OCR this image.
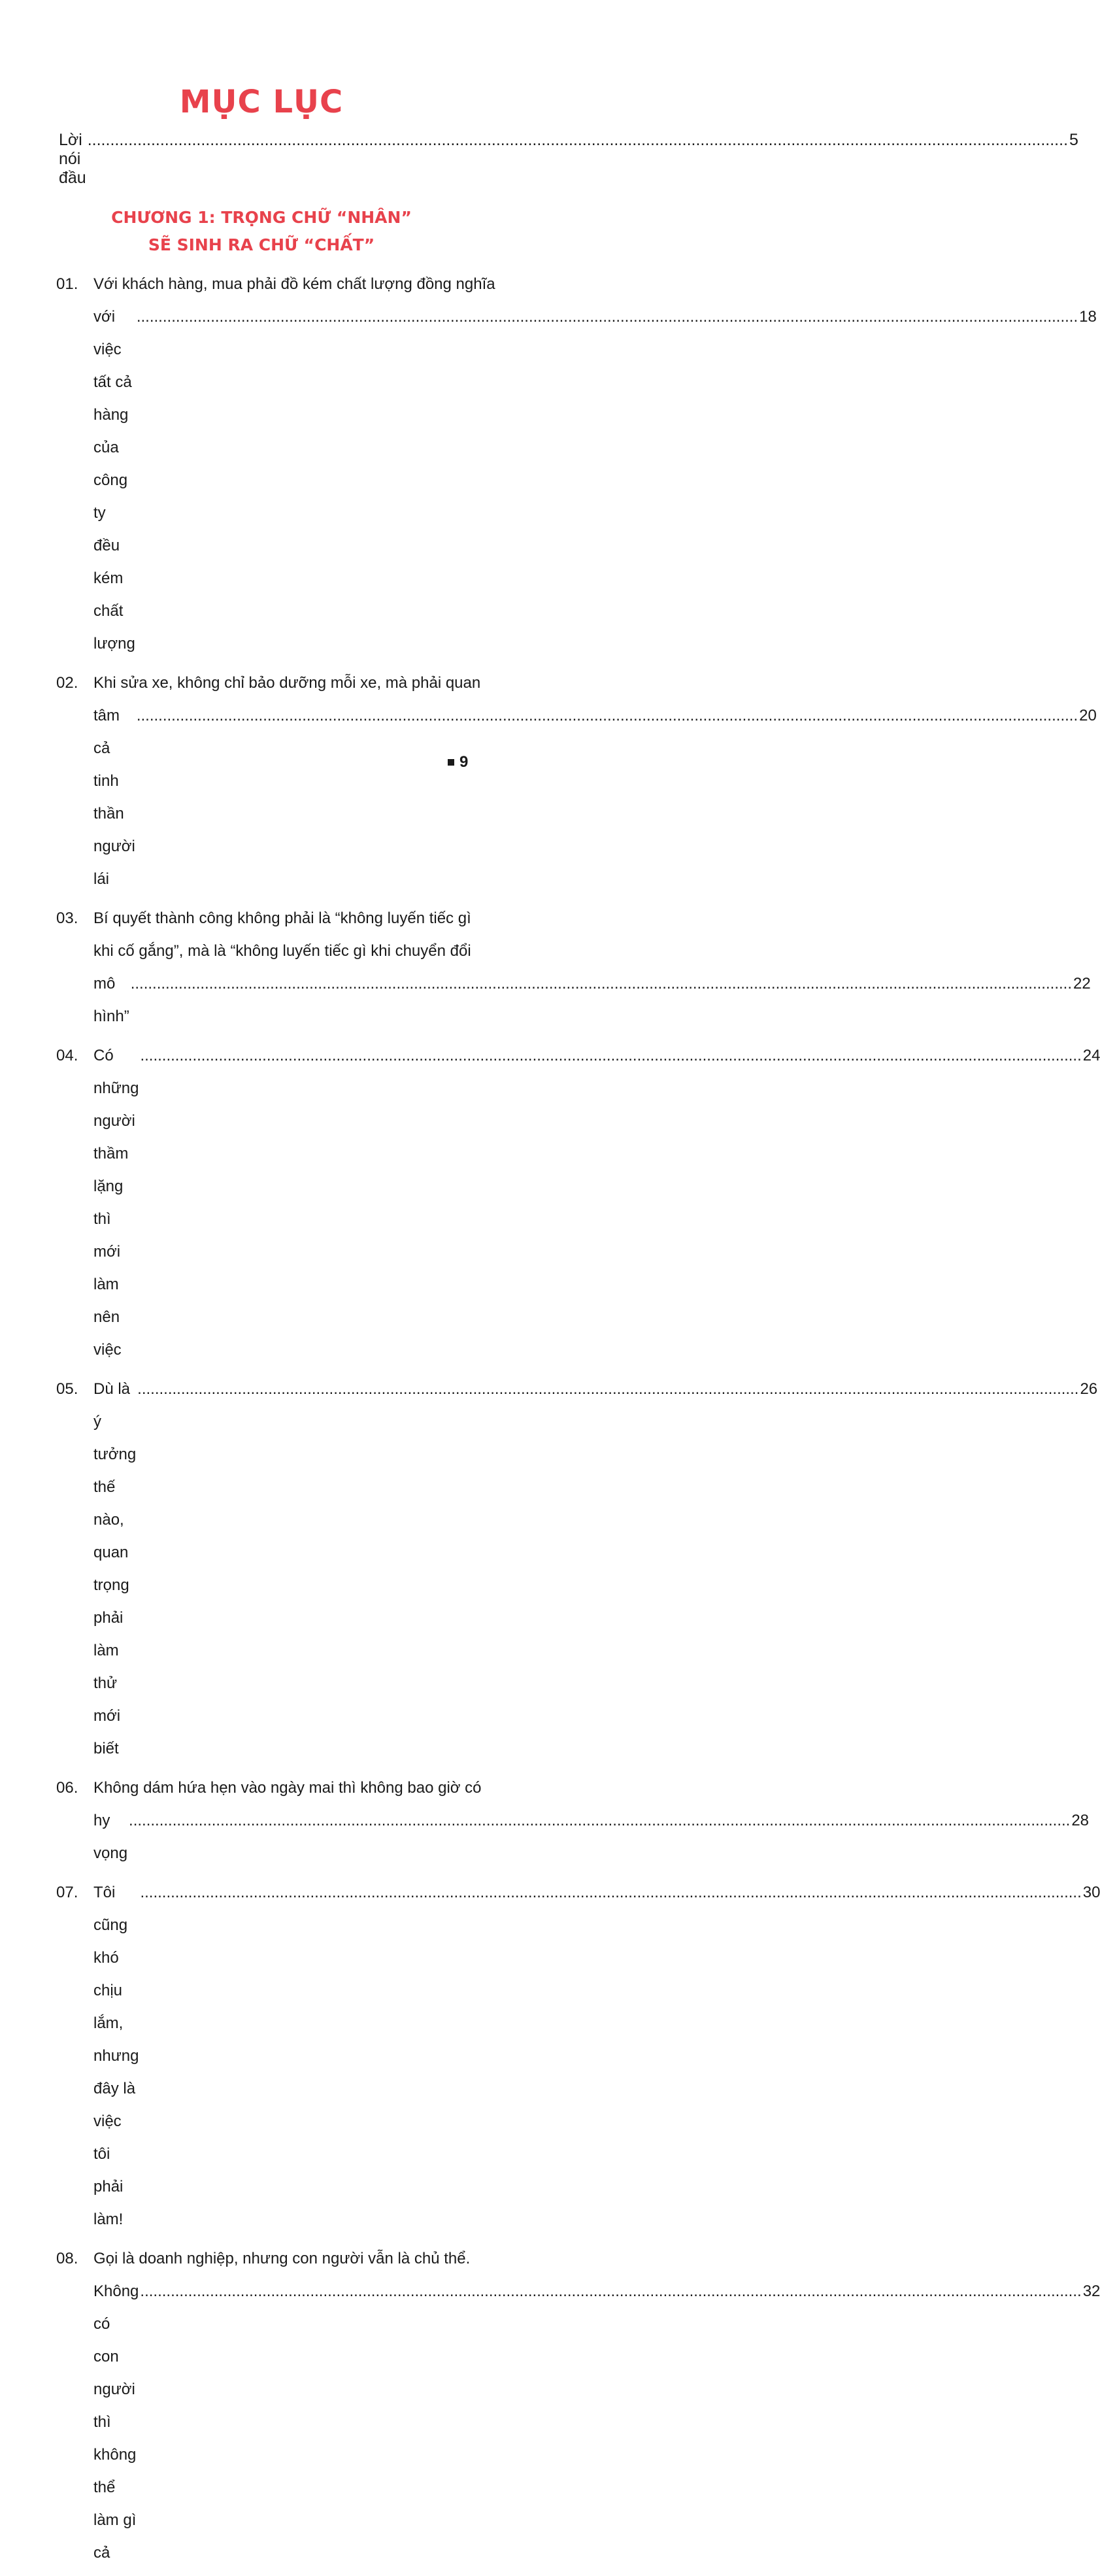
MỤC LỤC
Lời nói đầu
.....
5
CHƯƠNG 1: TRỌNG CHỮ “NHÂN”
SẼ SINH RA CHỮ “CHẤT”
01. Với khách hàng, mua phải đồ kém chất lượng đồng nghĩa
với việc tất cả hàng của công ty đều kém chất lượng
.....
18
02. Khi sửa xe, không chỉ bảo dưỡng mỗi xe, mà phải quan
tâm cả tinh thần người lái
.....
20
03. Bí quyết thành công không phải là “không luyến tiếc gì
khi cố gắng”, mà là “không luyến tiếc gì khi chuyển đổi
mô hình”
.....
22
04. Có những người thầm lặng thì mới làm nên việc
.....
24
05. Dù là ý tưởng thế nào, quan trọng phải làm thử mới biết
.....
26
06. Không dám hứa hẹn vào ngày mai thì không bao giờ có
hy vọng
.....
28
07. Tôi cũng khó chịu lắm, nhưng đây là việc tôi phải làm!
.....
30
08. Gọi là doanh nghiệp, nhưng con người vẫn là chủ thể.
Không có con người thì không thể làm gì cả
.....
32
9
